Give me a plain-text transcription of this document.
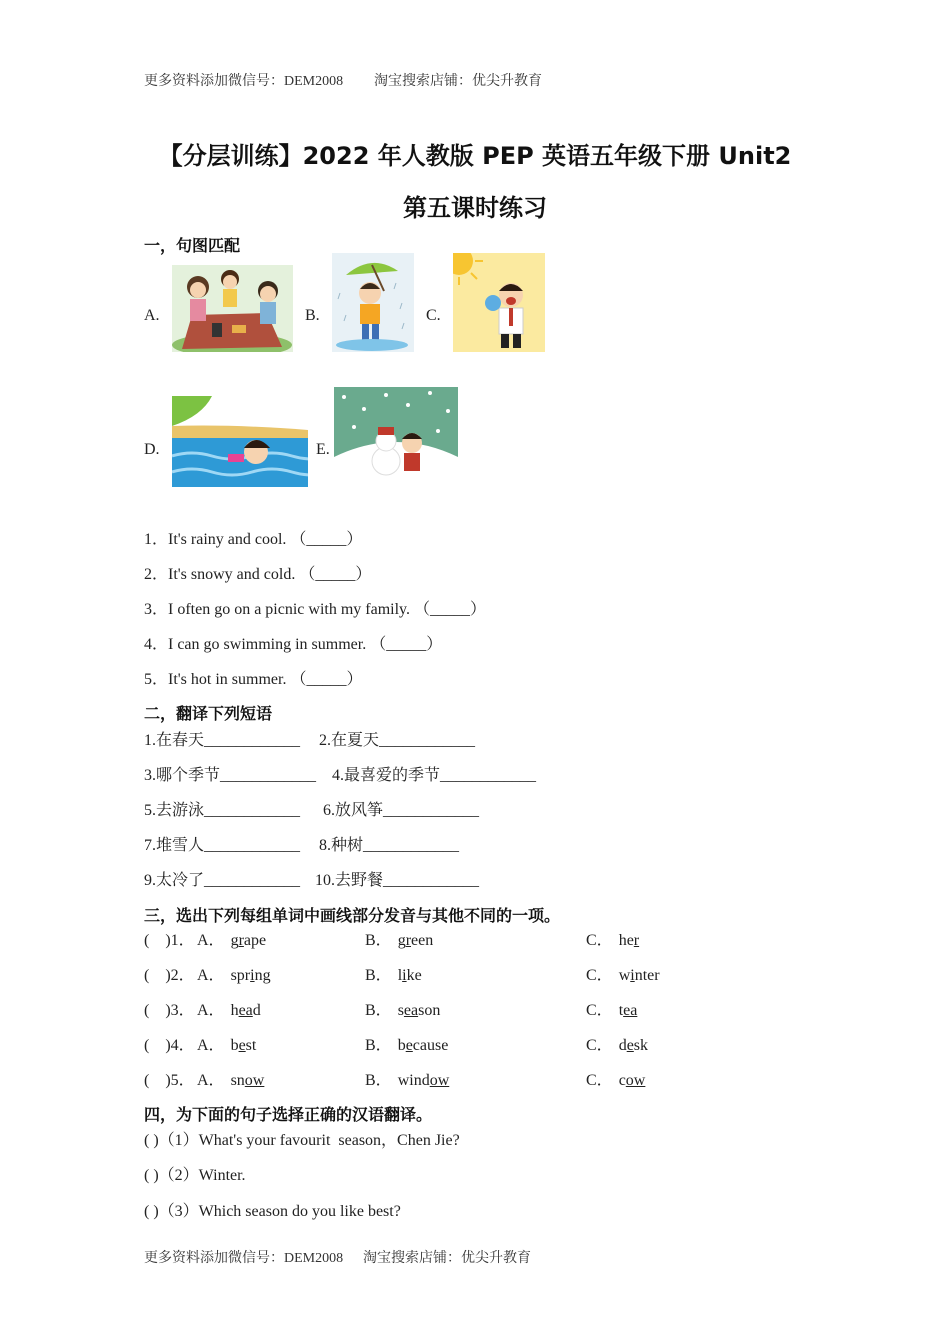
更多资料添加微信号：DEM2008 淘宝搜索店铺：优尖升教育
【分层训练】2022 年人教版 PEP 英语五年级下册 Unit2
第五课时练习
一，句图匹配
A.	B.	C.
D.	E.
1．It's rainy and cool. （_____）
2．It's snowy and cold. （_____）
3．I often go on a picnic with my family. （_____）
4．I can go swimming in summer. （_____）
5．It's hot in summer. （_____）
二，翻译下列短语
1.在春天____________ 2.在夏天____________
3.哪个季节____________ 4.最喜爱的季节____________
5.去游泳____________ 6.放风筝____________
7.堆雪人____________ 8.种树____________
9.太冷了____________ 10.去野餐____________
三，选出下列每组单词中画线部分发音与其他不同的一项。
(    )1． A． grape	B． green	C． her
(    )2． A． spring	B． like	C． winter
(    )3． A． head	B． season	C． tea
(    )4． A． best	B． because	C． desk
(    )5． A． snow	B． window	C． cow
四，为下面的句子选择正确的汉语翻译。
( )（1）What's your favourit  season，Chen Jie?
( )（2）Winter.
( )（3）Which season do you like best?
更多资料添加微信号：DEM2008 淘宝搜索店铺：优尖升教育
